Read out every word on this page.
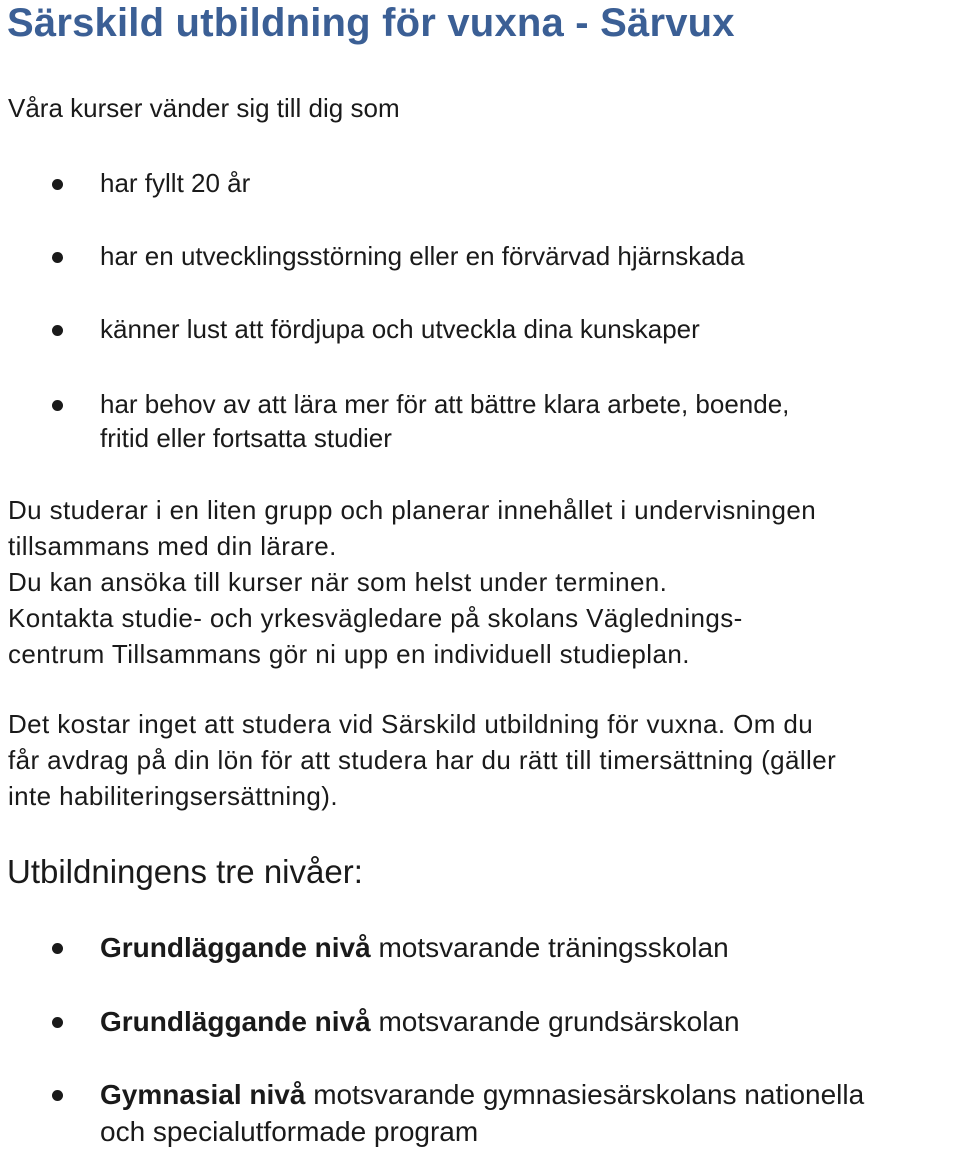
Särskild utbildning för vuxna - Särvux
Våra kurser vänder sig till dig som
har fyllt 20 år
har en utvecklingsstörning eller en förvärvad hjärnskada
känner lust att fördjupa och utveckla dina kunskaper
har behov av att lära mer för att bättre klara arbete, boende,
fritid eller fortsatta studier
Du studerar i en liten grupp och planerar innehållet i undervisningen
tillsammans med din lärare.
Du kan ansöka till kurser när som helst under terminen.
Kontakta studie- och yrkesvägledare på skolans Väglednings-
centrum Tillsammans gör ni upp en individuell studieplan.
Det kostar inget att studera vid Särskild utbildning för vuxna. Om du
får avdrag på din lön för att studera har du rätt till timersättning (gäller
inte habiliteringsersättning).
Utbildningens tre nivåer:
Grundläggande nivå motsvarande träningsskolan
Grundläggande nivå motsvarande grundsärskolan
Gymnasial nivå motsvarande gymnasiesärskolans nationella
och specialutformade program
